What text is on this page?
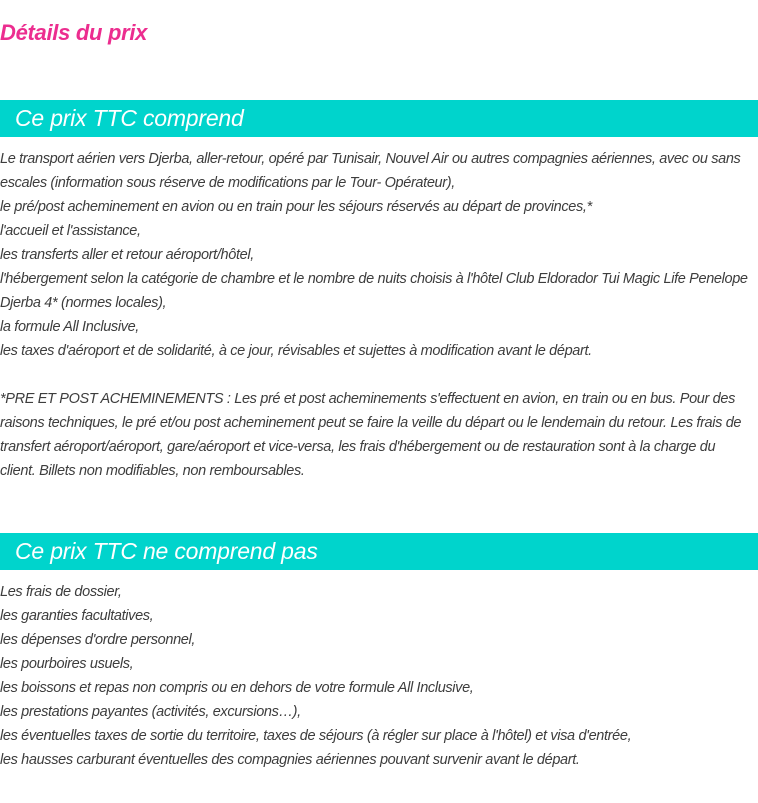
Détails du prix
Ce prix TTC comprend
Le transport aérien vers Djerba, aller-retour, opéré par Tunisair, Nouvel Air ou autres compagnies aériennes, avec ou sans escales (information sous réserve de modifications par le Tour- Opérateur),
le pré/post acheminement en avion ou en train pour les séjours réservés au départ de provinces,*
l'accueil et l'assistance,
les transferts aller et retour aéroport/hôtel,
l'hébergement selon la catégorie de chambre et le nombre de nuits choisis à l'hôtel Club Eldorador Tui Magic Life Penelope Djerba 4* (normes locales),
la formule All Inclusive,
les taxes d'aéroport et de solidarité, à ce jour, révisables et sujettes à modification avant le départ.
*PRE ET POST ACHEMINEMENTS : Les pré et post acheminements s'effectuent en avion, en train ou en bus. Pour des raisons techniques, le pré et/ou post acheminement peut se faire la veille du départ ou le lendemain du retour. Les frais de transfert aéroport/aéroport, gare/aéroport et vice-versa, les frais d'hébergement ou de restauration sont à la charge du client. Billets non modifiables, non remboursables.
Ce prix TTC ne comprend pas
Les frais de dossier,
les garanties facultatives,
les dépenses d'ordre personnel,
les pourboires usuels,
les boissons et repas non compris ou en dehors de votre formule All Inclusive,
les prestations payantes (activités, excursions…),
les éventuelles taxes de sortie du territoire, taxes de séjours (à régler sur place à l'hôtel) et visa d'entrée,
les hausses carburant éventuelles des compagnies aériennes pouvant survenir avant le départ.
